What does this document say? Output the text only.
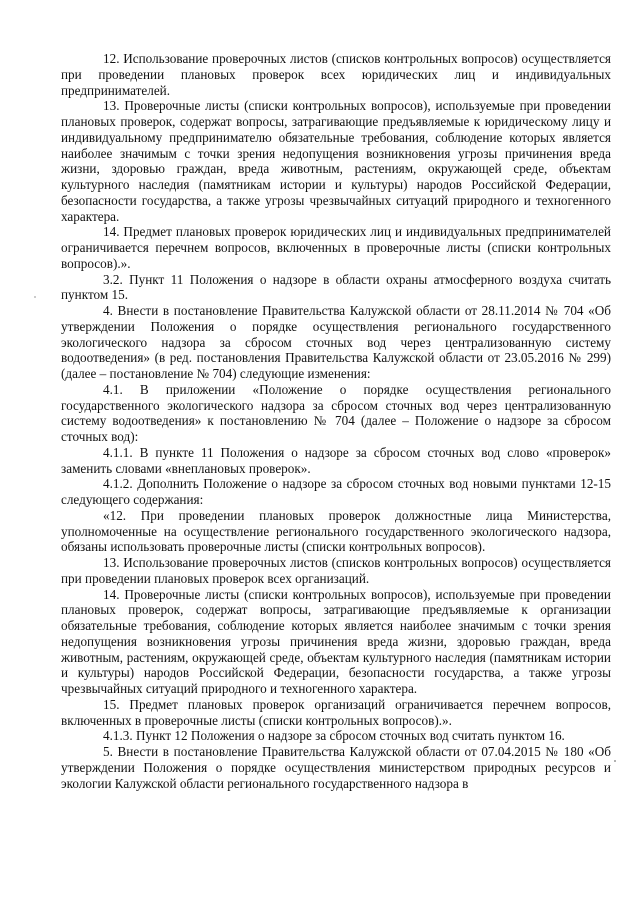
12. Использование проверочных листов (списков контрольных вопросов) осуществляется при проведении плановых проверок всех юридических лиц и индивидуальных предпринимателей.

13. Проверочные листы (списки контрольных вопросов), используемые при проведении плановых проверок, содержат вопросы, затрагивающие предъявляемые к юридическому лицу и индивидуальному предпринимателю обязательные требования, соблюдение которых является наиболее значимым с точки зрения недопущения возникновения угрозы причинения вреда жизни, здоровью граждан, вреда животным, растениям, окружающей среде, объектам культурного наследия (памятникам истории и культуры) народов Российской Федерации, безопасности государства, а также угрозы чрезвычайных ситуаций природного и техногенного характера.

14. Предмет плановых проверок юридических лиц и индивидуальных предпринимателей ограничивается перечнем вопросов, включенных в проверочные листы (списки контрольных вопросов).».

3.2. Пункт 11 Положения о надзоре в области охраны атмосферного воздуха считать пунктом 15.

4. Внести в постановление Правительства Калужской области от 28.11.2014 № 704 «Об утверждении Положения о порядке осуществления регионального государственного экологического надзора за сбросом сточных вод через централизованную систему водоотведения» (в ред. постановления Правительства Калужской области от 23.05.2016 № 299) (далее – постановление № 704) следующие изменения:

4.1. В приложении «Положение о порядке осуществления регионального государственного экологического надзора за сбросом сточных вод через централизованную систему водоотведения» к постановлению № 704 (далее – Положение о надзоре за сбросом сточных вод):

4.1.1. В пункте 11 Положения о надзоре за сбросом сточных вод слово «проверок» заменить словами «внеплановых проверок».

4.1.2. Дополнить Положение о надзоре за сбросом сточных вод новыми пунктами 12-15 следующего содержания:

«12. При проведении плановых проверок должностные лица Министерства, уполномоченные на осуществление регионального государственного экологического надзора, обязаны использовать проверочные листы (списки контрольных вопросов).

13. Использование проверочных листов (списков контрольных вопросов) осуществляется при проведении плановых проверок всех организаций.

14. Проверочные листы (списки контрольных вопросов), используемые при проведении плановых проверок, содержат вопросы, затрагивающие предъявляемые к организации обязательные требования, соблюдение которых является наиболее значимым с точки зрения недопущения возникновения угрозы причинения вреда жизни, здоровью граждан, вреда животным, растениям, окружающей среде, объектам культурного наследия (памятникам истории и культуры) народов Российской Федерации, безопасности государства, а также угрозы чрезвычайных ситуаций природного и техногенного характера.

15. Предмет плановых проверок организаций ограничивается перечнем вопросов, включенных в проверочные листы (списки контрольных вопросов).».

4.1.3. Пункт 12 Положения о надзоре за сбросом сточных вод считать пунктом 16.

5. Внести в постановление Правительства Калужской области от 07.04.2015 № 180 «Об утверждении Положения о порядке осуществления министерством природных ресурсов и экологии Калужской области регионального государственного надзора в
